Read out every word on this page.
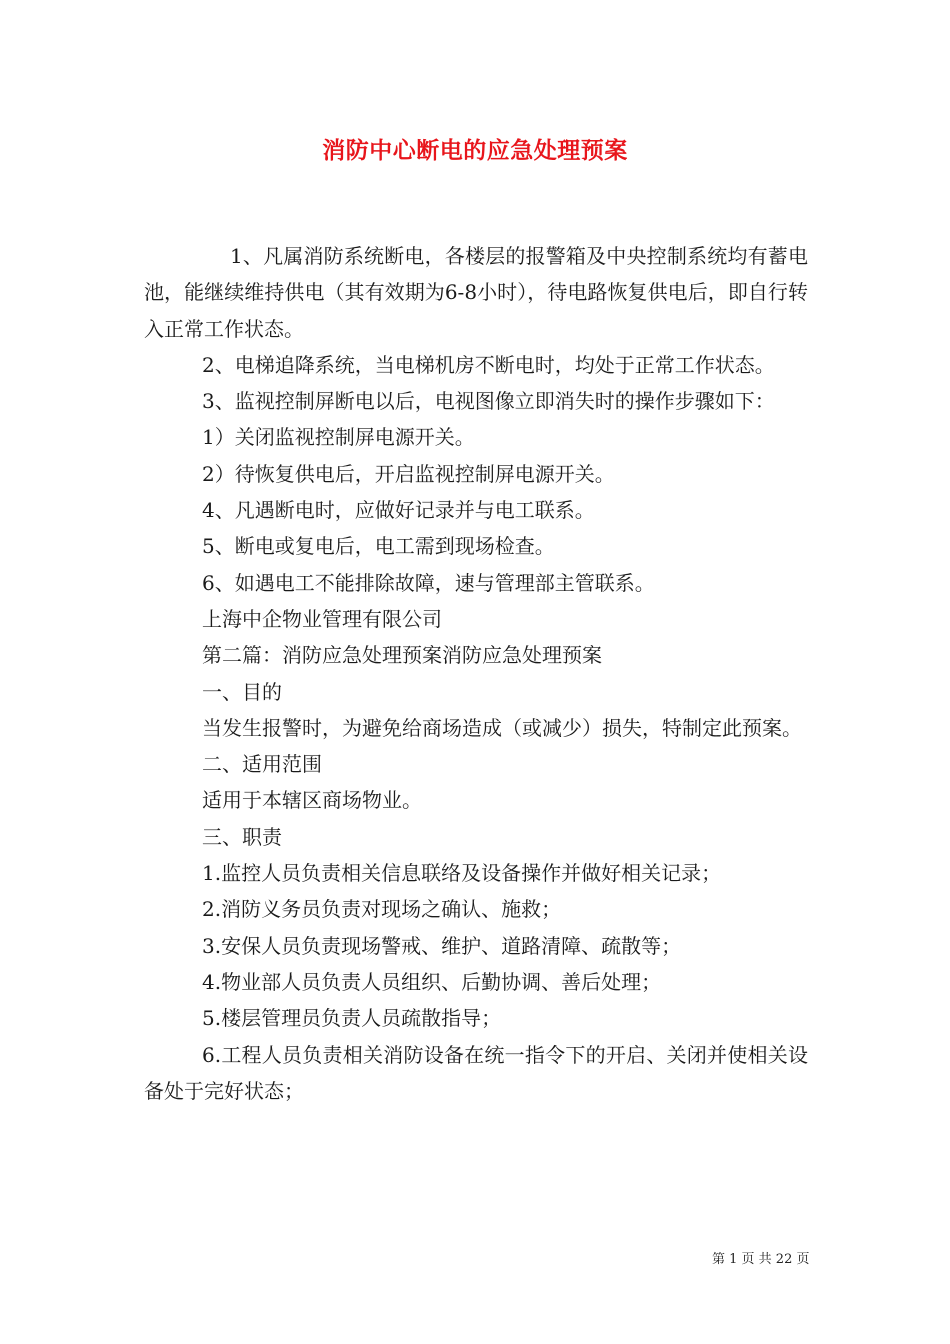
消防中心断电的应急处理预案

1、凡属消防系统断电，各楼层的报警箱及中央控制系统均有蓄电池，能继续维持供电（其有效期为6-8小时），待电路恢复供电后，即自行转入正常工作状态。

2、电梯追降系统，当电梯机房不断电时，均处于正常工作状态。

3、监视控制屏断电以后，电视图像立即消失时的操作步骤如下：

1）关闭监视控制屏电源开关。

2）待恢复供电后，开启监视控制屏电源开关。

4、凡遇断电时，应做好记录并与电工联系。

5、断电或复电后，电工需到现场检查。

6、如遇电工不能排除故障，速与管理部主管联系。

上海中企物业管理有限公司

第二篇：消防应急处理预案消防应急处理预案

一、目的

当发生报警时，为避免给商场造成（或减少）损失，特制定此预案。

二、适用范围

适用于本辖区商场物业。

三、职责

1.监控人员负责相关信息联络及设备操作并做好相关记录；

2.消防义务员负责对现场之确认、施救；

3.安保人员负责现场警戒、维护、道路清障、疏散等；

4.物业部人员负责人员组织、后勤协调、善后处理；

5.楼层管理员负责人员疏散指导；

6.工程人员负责相关消防设备在统一指令下的开启、关闭并使相关设备处于完好状态；

第 1 页 共 22 页
